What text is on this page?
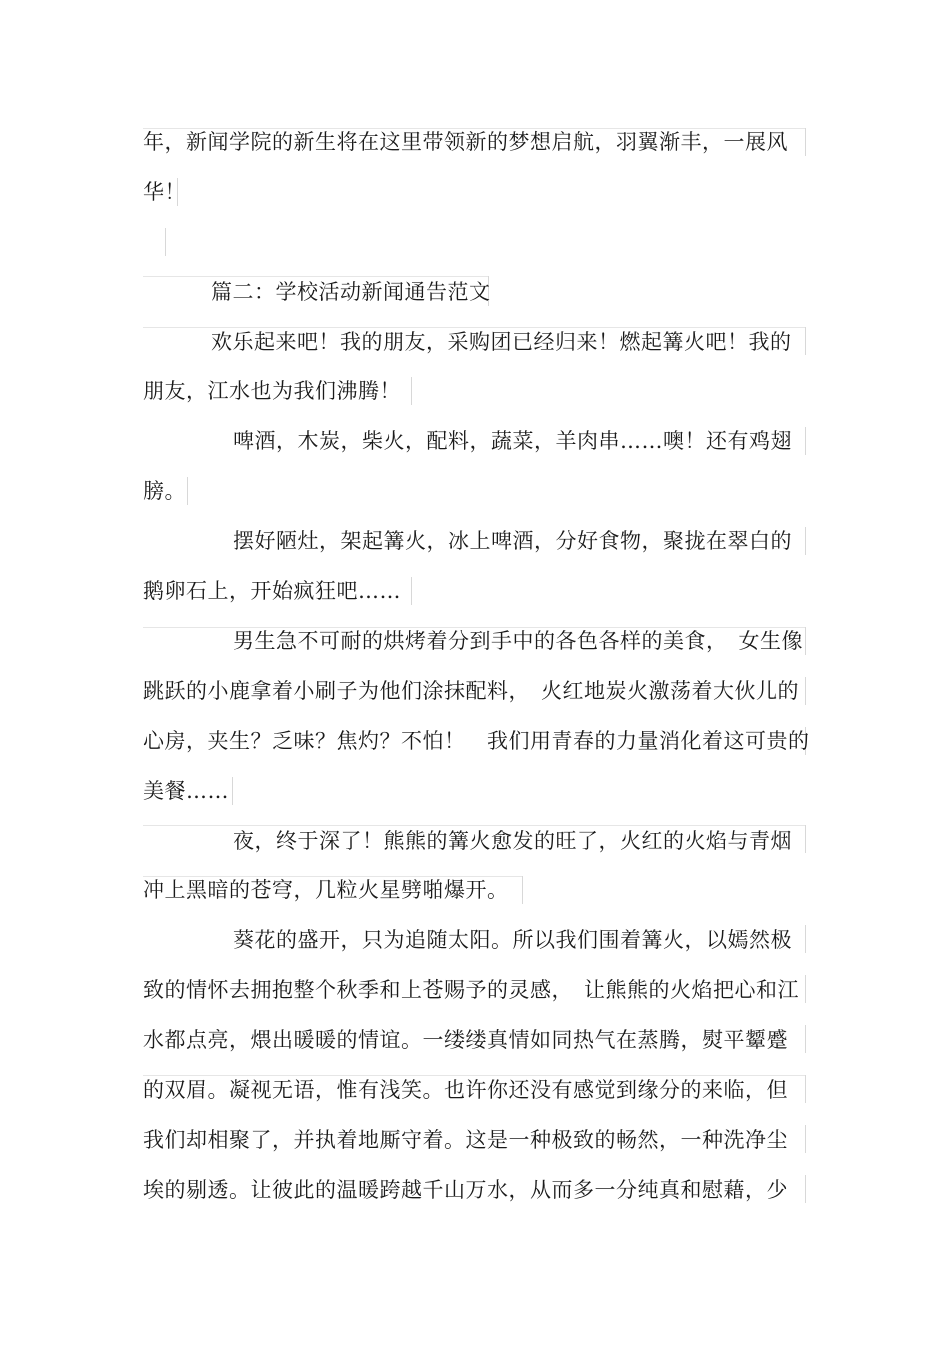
年，新闻学院的新生将在这里带领新的梦想启航，羽翼渐丰，一展风
华！
篇二：学校活动新闻通告范文
欢乐起来吧！我的朋友，采购团已经归来！燃起篝火吧！我的
朋友，江水也为我们沸腾！
啤酒，木炭，柴火，配料，蔬菜，羊肉串……噢！还有鸡翅
膀。
摆好陋灶，架起篝火，冰上啤酒，分好食物，聚拢在翠白的
鹅卵石上，开始疯狂吧……
男生急不可耐的烘烤着分到手中的各色各样的美食，　女生像
跳跃的小鹿拿着小刷子为他们涂抹配料，　火红地炭火激荡着大伙儿的
心房，夹生？乏味？焦灼？不怕！　我们用青春的力量消化着这可贵的
美餐……
夜，终于深了！熊熊的篝火愈发的旺了，火红的火焰与青烟
冲上黑暗的苍穹，几粒火星劈啪爆开。
葵花的盛开，只为追随太阳。所以我们围着篝火，以嫣然极
致的情怀去拥抱整个秋季和上苍赐予的灵感，　让熊熊的火焰把心和江
水都点亮，煨出暖暖的情谊。一缕缕真情如同热气在蒸腾，熨平颦蹙
的双眉。凝视无语，惟有浅笑。也许你还没有感觉到缘分的来临，但
我们却相聚了，并执着地厮守着。这是一种极致的畅然，一种洗净尘
埃的剔透。让彼此的温暖跨越千山万水，从而多一分纯真和慰藉，少
